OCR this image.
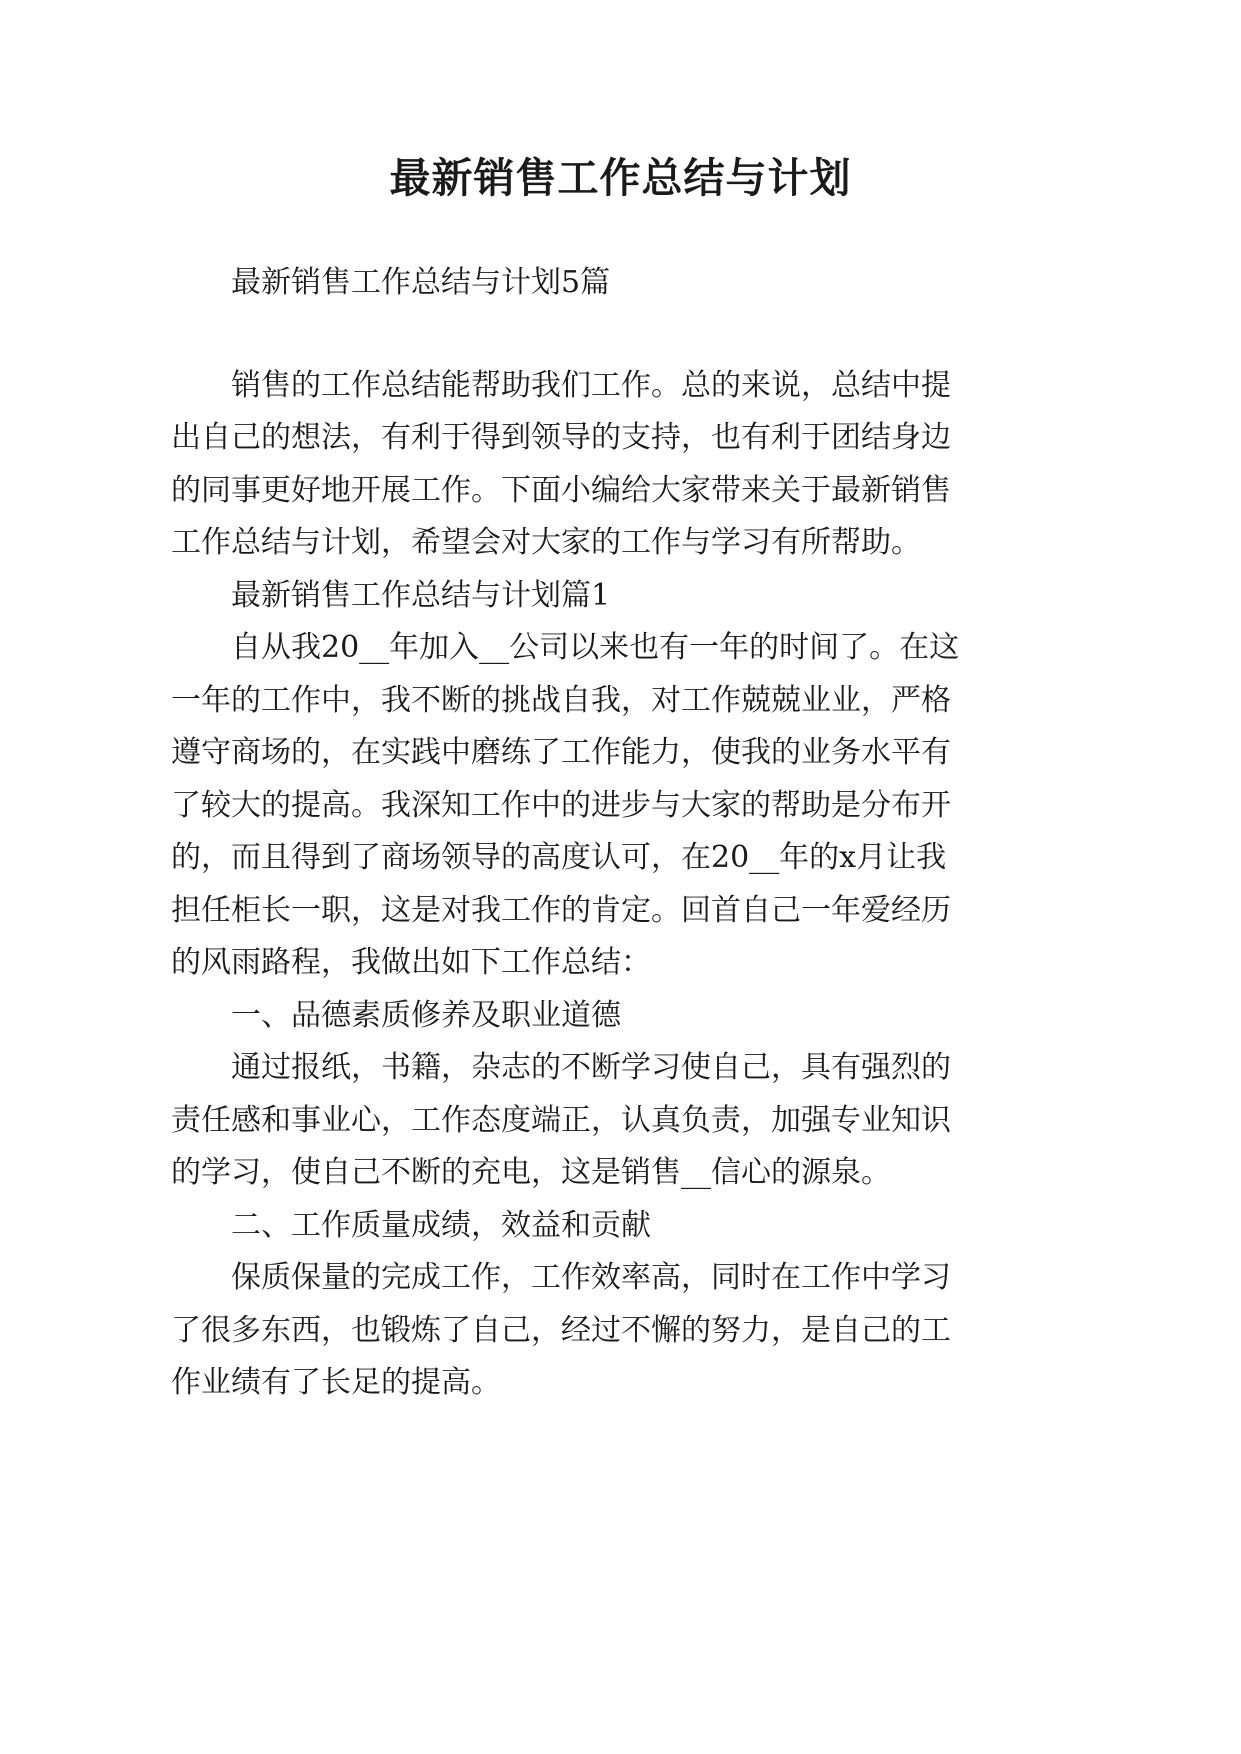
最新销售工作总结与计划
最新销售工作总结与计划5篇
销售的工作总结能帮助我们工作。总的来说，总结中提
出自己的想法，有利于得到领导的支持，也有利于团结身边
的同事更好地开展工作。下面小编给大家带来关于最新销售
工作总结与计划，希望会对大家的工作与学习有所帮助。
最新销售工作总结与计划篇1
自从我20__年加入__公司以来也有一年的时间了。在这
一年的工作中，我不断的挑战自我，对工作兢兢业业，严格
遵守商场的，在实践中磨练了工作能力，使我的业务水平有
了较大的提高。我深知工作中的进步与大家的帮助是分布开
的，而且得到了商场领导的高度认可，在20__年的x月让我
担任柜长一职，这是对我工作的肯定。回首自己一年爱经历
的风雨路程，我做出如下工作总结：
一、品德素质修养及职业道德
通过报纸，书籍，杂志的不断学习使自己，具有强烈的
责任感和事业心，工作态度端正，认真负责，加强专业知识
的学习，使自己不断的充电，这是销售__信心的源泉。
二、工作质量成绩，效益和贡献
保质保量的完成工作，工作效率高，同时在工作中学习
了很多东西，也锻炼了自己，经过不懈的努力，是自己的工
作业绩有了长足的提高。
